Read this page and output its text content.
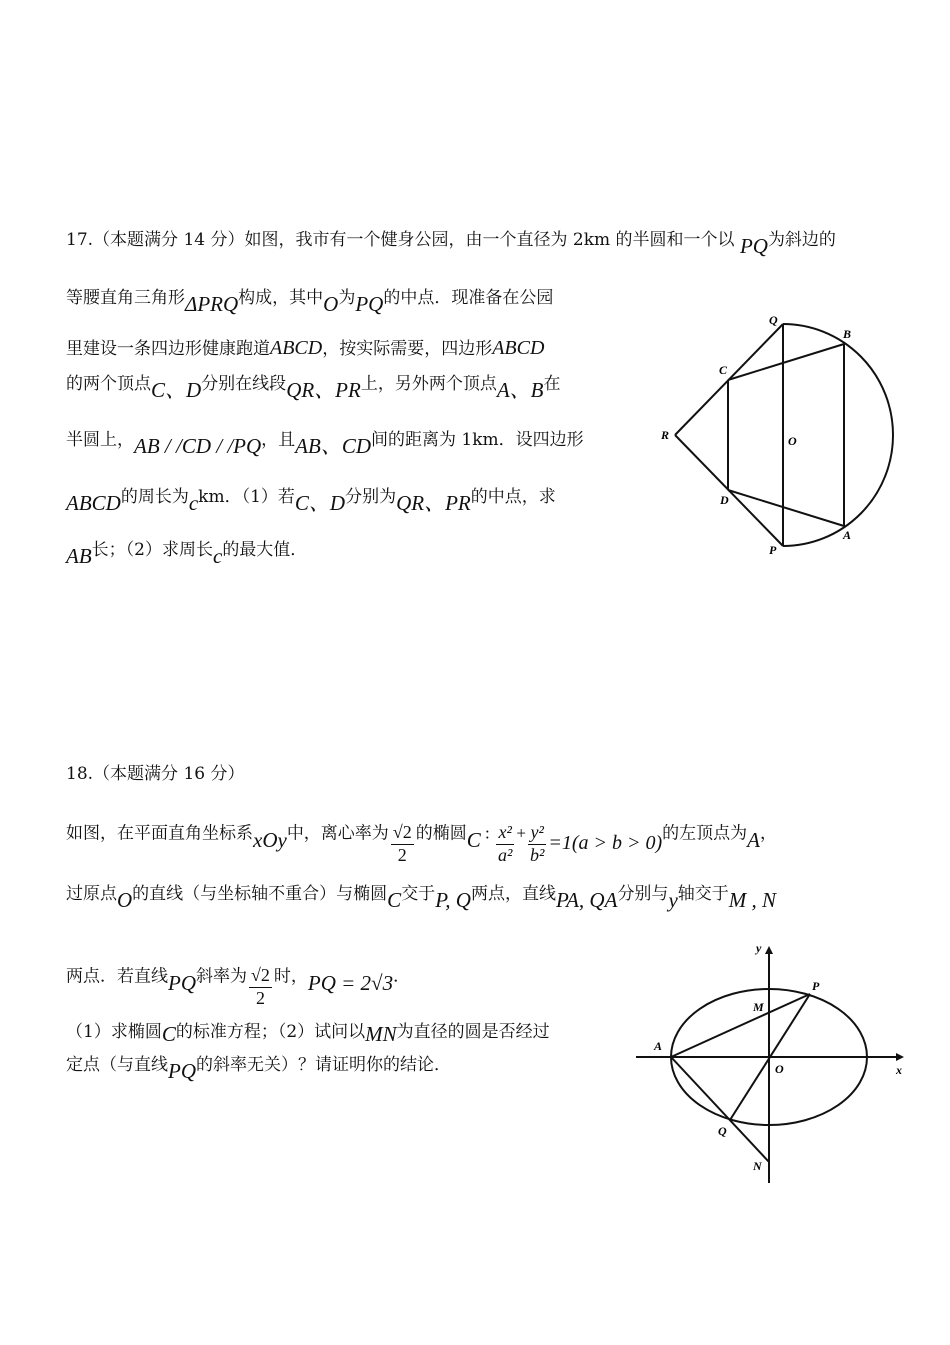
17.（本题满分 14 分）如图，我市有一个健身公园，由一个直径为 2km 的半圆和一个以 PQ为斜边的
等腰直角三角形ΔPRQ构成，其中O为PQ的中点．现准备在公园
里建设一条四边形健康跑道ABCD，按实际需要，四边形ABCD
的两个顶点C、D分别在线段QR、PR上，另外两个顶点A、B在
半圆上，AB / /CD / /PQ，且AB、CD间的距离为 1km．设四边形
ABCD的周长为ckm．（1）若C、D分别为QR、PR的中点，求
AB长；（2）求周长c的最大值．
Q
B
C
R	O
D
A
P
18.（本题满分 16 分）
如图，在平面直角坐标系xOy中，离心率为 $\frac{√2}{2}$ 的椭圆C : $\frac{\text{x²}}{\text{a²}} + \frac{\text{y²}}{\text{b²}} =1(a > b > 0)$的左顶点为A，
过原点O的直线（与坐标轴不重合）与椭圆C交于P, Q两点，直线PA, QA分别与y轴交于M , N
两点．若直线PQ斜率为 $\frac{√2}{2}$ 时，PQ = 2√3．
（1）求椭圆C的标准方程；（2）试问以MN为直径的圆是否经过
定点（与直线PQ的斜率无关）？请证明你的结论．
y
P
M
A
O	x
Q
N
